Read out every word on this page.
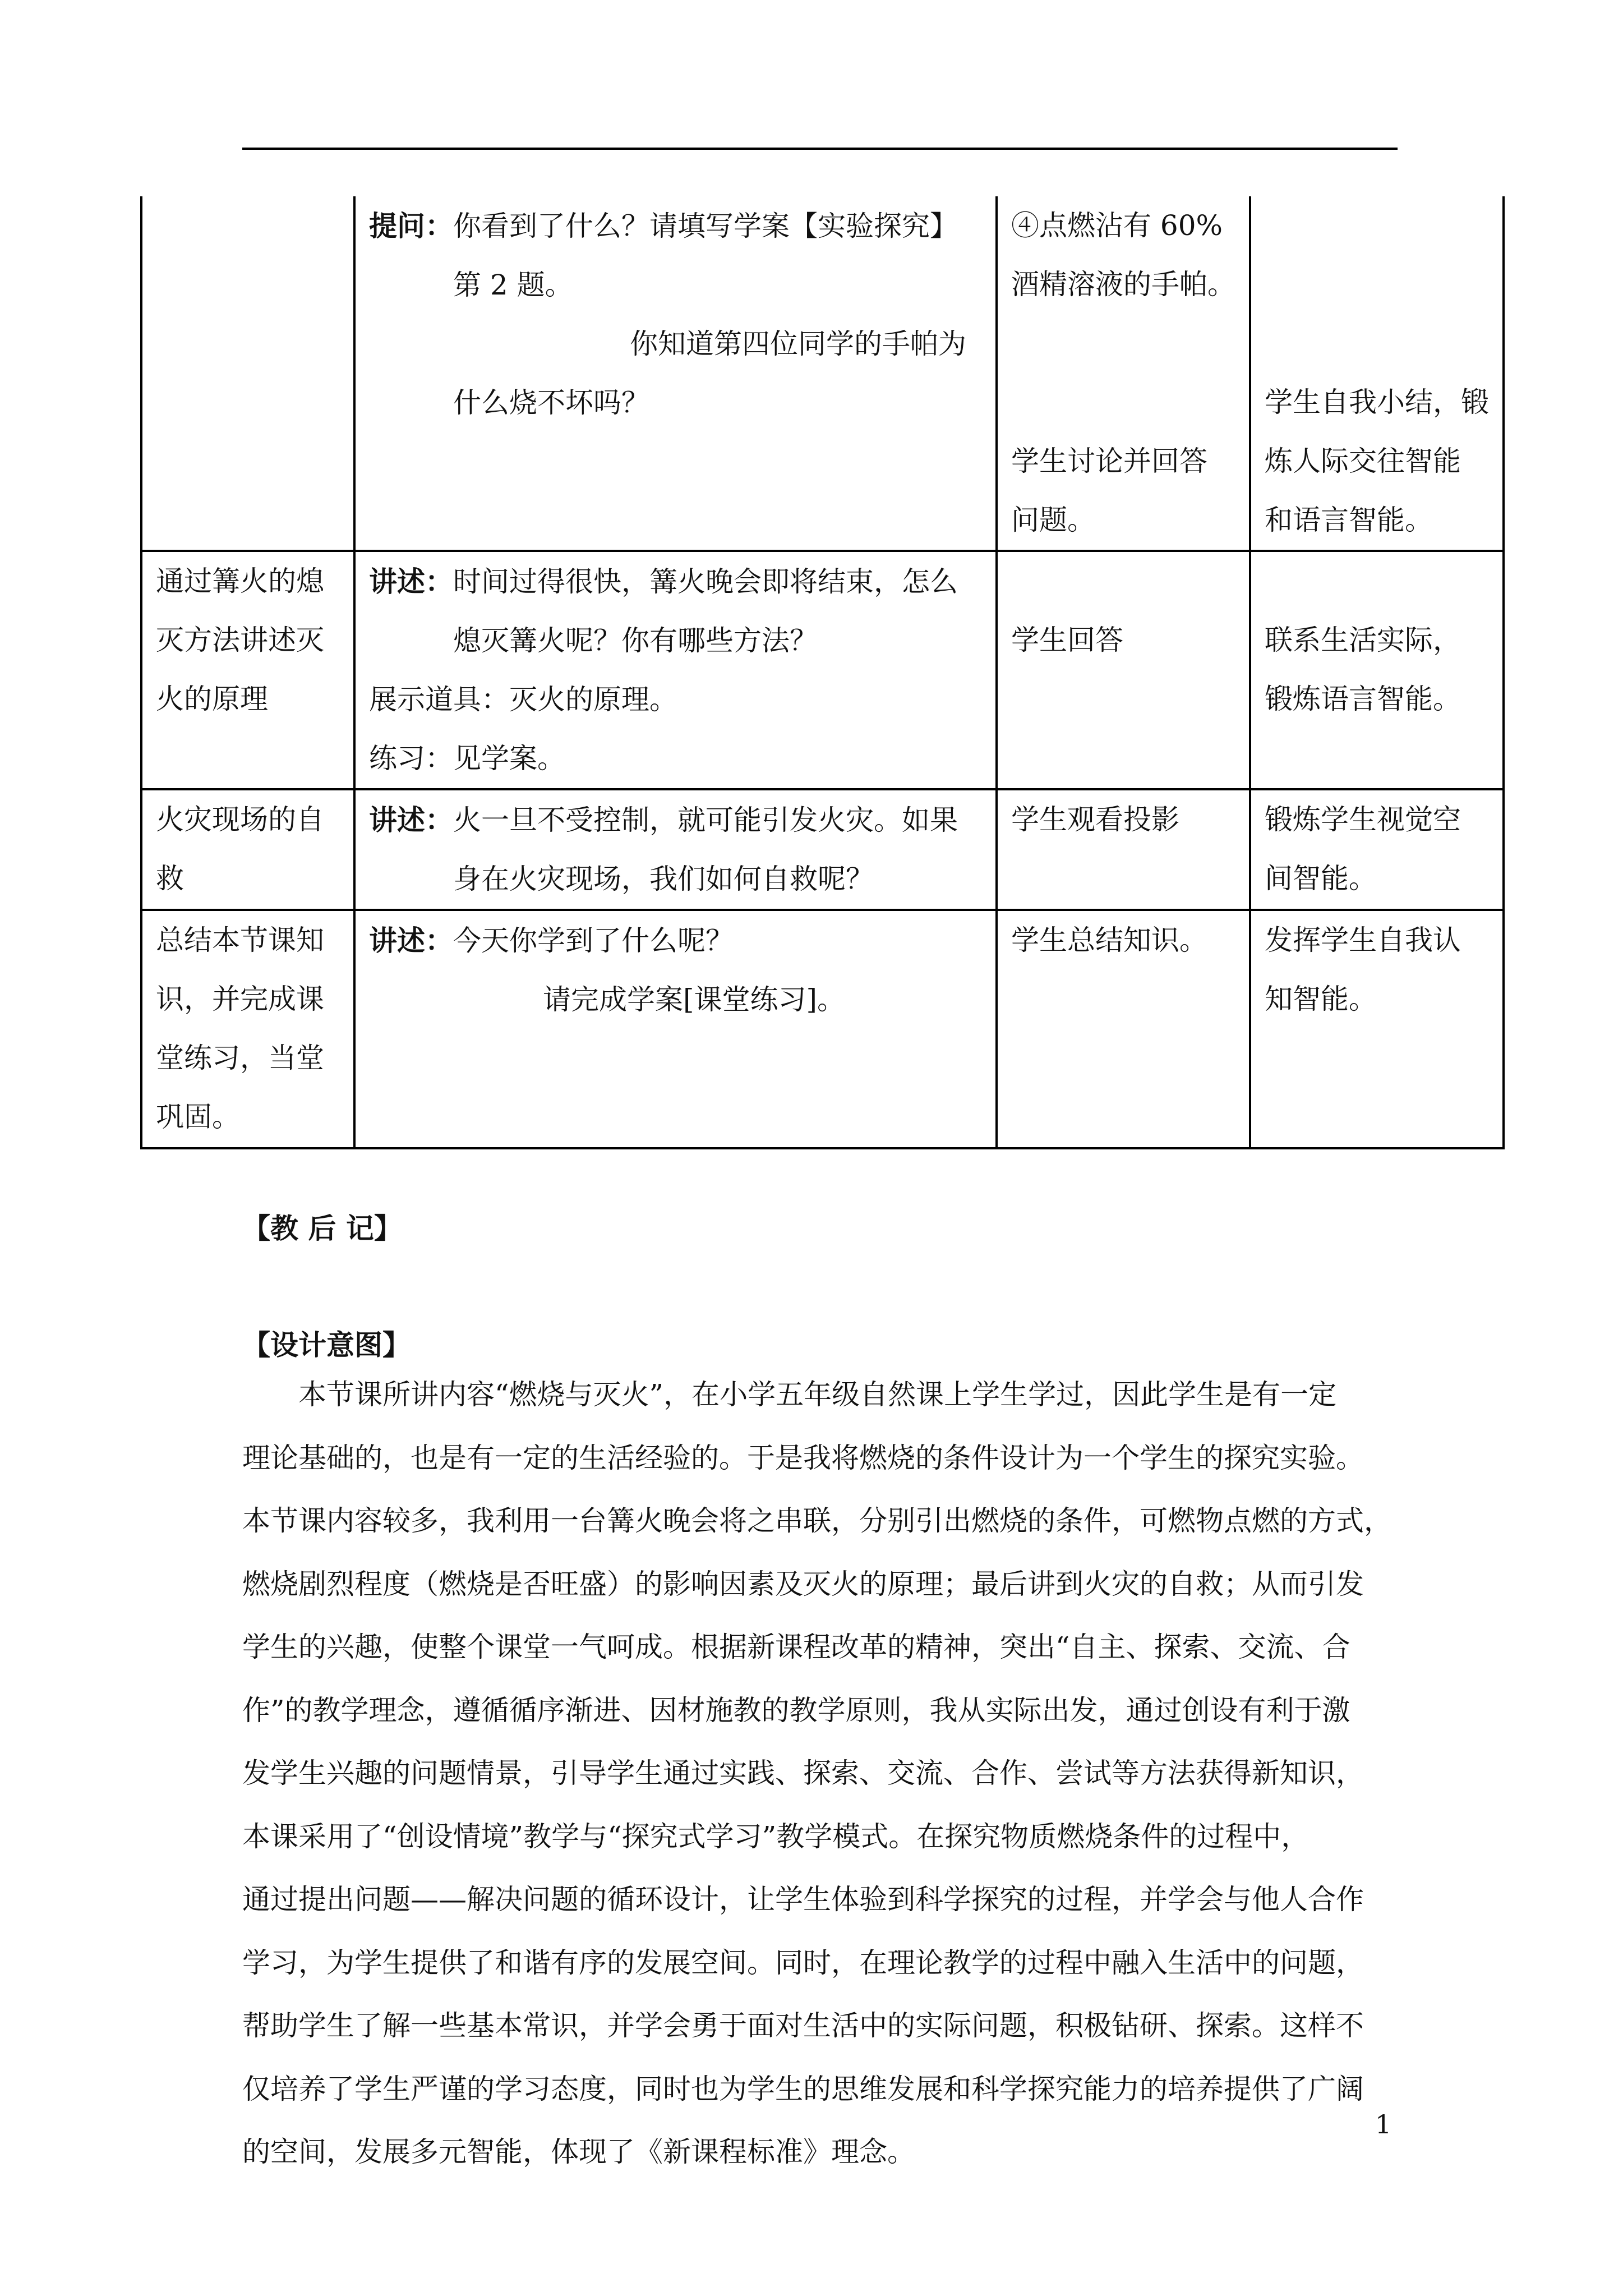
	提问：你看到了什么？请填写学案【实验探究】
第 2 题。
你知道第四位同学的手帕为
什么烧不坏吗？	④点燃沾有 60%
酒精溶液的手帕。

学生讨论并回答
问题。	学生自我小结，锻
炼人际交往智能
和语言智能。

通过篝火的熄
灭方法讲述灭
火的原理	讲述：时间过得很快，篝火晚会即将结束，怎么
熄灭篝火呢？你有哪些方法？
展示道具：灭火的原理。
练习：见学案。	学生回答	联系生活实际，
锻炼语言智能。

火灾现场的自
救	讲述：火一旦不受控制，就可能引发火灾。如果
身在火灾现场，我们如何自救呢？	学生观看投影	锻炼学生视觉空
间智能。

总结本节课知
识，并完成课
堂练习，当堂
巩固。	讲述：今天你学到了什么呢？
请完成学案[课堂练习]。	学生总结知识。	发挥学生自我认
知智能。
【教 后 记】
【设计意图】
本节课所讲内容“燃烧与灭火”，在小学五年级自然课上学生学过，因此学生是有一定
理论基础的，也是有一定的生活经验的。于是我将燃烧的条件设计为一个学生的探究实验。
本节课内容较多，我利用一台篝火晚会将之串联，分别引出燃烧的条件，可燃物点燃的方式，
燃烧剧烈程度（燃烧是否旺盛）的影响因素及灭火的原理；最后讲到火灾的自救；从而引发
学生的兴趣，使整个课堂一气呵成。根据新课程改革的精神，突出“自主、探索、交流、合
作”的教学理念，遵循循序渐进、因材施教的教学原则，我从实际出发，通过创设有利于激
发学生兴趣的问题情景，引导学生通过实践、探索、交流、合作、尝试等方法获得新知识，
本课采用了“创设情境”教学与“探究式学习”教学模式。在探究物质燃烧条件的过程中，
通过提出问题——解决问题的循环设计，让学生体验到科学探究的过程，并学会与他人合作
学习，为学生提供了和谐有序的发展空间。同时，在理论教学的过程中融入生活中的问题，
帮助学生了解一些基本常识，并学会勇于面对生活中的实际问题，积极钻研、探索。这样不
仅培养了学生严谨的学习态度，同时也为学生的思维发展和科学探究能力的培养提供了广阔
的空间，发展多元智能，体现了《新课程标准》理念。
1
